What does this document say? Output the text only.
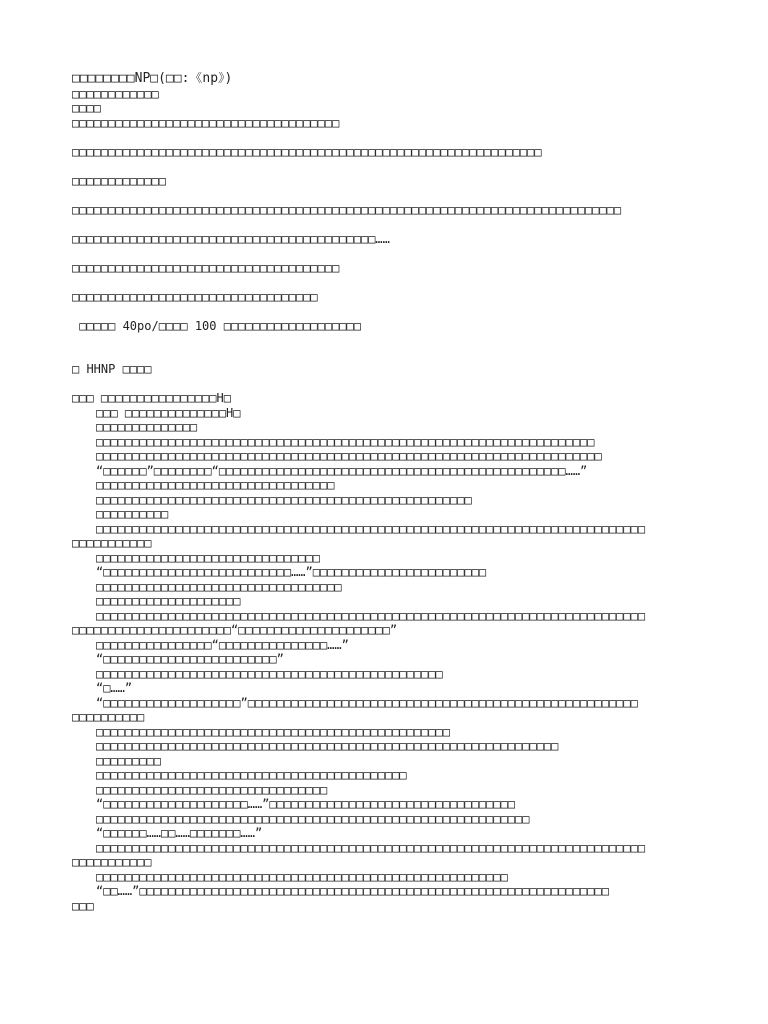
□□□□□□□□NP□(□□:《np》)
□□□□□□□□□□□□
□□□□
□□□□□□□□□□□□□□□□□□□□□□□□□□□□□□□□□□□□□
□□□□□□□□□□□□□□□□□□□□□□□□□□□□□□□□□□□□□□□□□□□□□□□□□□□□□□□□□□□□□□□□□
□□□□□□□□□□□□□
□□□□□□□□□□□□□□□□□□□□□□□□□□□□□□□□□□□□□□□□□□□□□□□□□□□□□□□□□□□□□□□□□□□□□□□□□□□□
□□□□□□□□□□□□□□□□□□□□□□□□□□□□□□□□□□□□□□□□□□……
□□□□□□□□□□□□□□□□□□□□□□□□□□□□□□□□□□□□□
□□□□□□□□□□□□□□□□□□□□□□□□□□□□□□□□□□
□□□□□ 40po/□□□□ 100 □□□□□□□□□□□□□□□□□□□
□ HHNP □□□□
□□□ □□□□□□□□□□□□□□□□H□
□□□ □□□□□□□□□□□□□□H□
□□□□□□□□□□□□□□
□□□□□□□□□□□□□□□□□□□□□□□□□□□□□□□□□□□□□□□□□□□□□□□□□□□□□□□□□□□□□□□□□□□□□
□□□□□□□□□□□□□□□□□□□□□□□□□□□□□□□□□□□□□□□□□□□□□□□□□□□□□□□□□□□□□□□□□□□□□□
“□□□□□□”□□□□□□□□“□□□□□□□□□□□□□□□□□□□□□□□□□□□□□□□□□□□□□□□□□□□□□□□□……”
□□□□□□□□□□□□□□□□□□□□□□□□□□□□□□□□□
□□□□□□□□□□□□□□□□□□□□□□□□□□□□□□□□□□□□□□□□□□□□□□□□□□□□
□□□□□□□□□□
□□□□□□□□□□□□□□□□□□□□□□□□□□□□□□□□□□□□□□□□□□□□□□□□□□□□□□□□□□□□□□□□□□□□□□□□□□□□
□□□□□□□□□□□
□□□□□□□□□□□□□□□□□□□□□□□□□□□□□□□
“□□□□□□□□□□□□□□□□□□□□□□□□□□……”□□□□□□□□□□□□□□□□□□□□□□□□
□□□□□□□□□□□□□□□□□□□□□□□□□□□□□□□□□□
□□□□□□□□□□□□□□□□□□□□
□□□□□□□□□□□□□□□□□□□□□□□□□□□□□□□□□□□□□□□□□□□□□□□□□□□□□□□□□□□□□□□□□□□□□□□□□□□□
□□□□□□□□□□□□□□□□□□□□□□“□□□□□□□□□□□□□□□□□□□□□”
□□□□□□□□□□□□□□□□“□□□□□□□□□□□□□□□……”
“□□□□□□□□□□□□□□□□□□□□□□□□”
□□□□□□□□□□□□□□□□□□□□□□□□□□□□□□□□□□□□□□□□□□□□□□□□
“□……”
“□□□□□□□□□□□□□□□□□□□”□□□□□□□□□□□□□□□□□□□□□□□□□□□□□□□□□□□□□□□□□□□□□□□□□□□□□□
□□□□□□□□□□
□□□□□□□□□□□□□□□□□□□□□□□□□□□□□□□□□□□□□□□□□□□□□□□□□
□□□□□□□□□□□□□□□□□□□□□□□□□□□□□□□□□□□□□□□□□□□□□□□□□□□□□□□□□□□□□□□□
□□□□□□□□□
□□□□□□□□□□□□□□□□□□□□□□□□□□□□□□□□□□□□□□□□□□□
□□□□□□□□□□□□□□□□□□□□□□□□□□□□□□□□
“□□□□□□□□□□□□□□□□□□□□……”□□□□□□□□□□□□□□□□□□□□□□□□□□□□□□□□□□
□□□□□□□□□□□□□□□□□□□□□□□□□□□□□□□□□□□□□□□□□□□□□□□□□□□□□□□□□□□□
“□□□□□□……□□……□□□□□□□……”
□□□□□□□□□□□□□□□□□□□□□□□□□□□□□□□□□□□□□□□□□□□□□□□□□□□□□□□□□□□□□□□□□□□□□□□□□□□□
□□□□□□□□□□□
□□□□□□□□□□□□□□□□□□□□□□□□□□□□□□□□□□□□□□□□□□□□□□□□□□□□□□□□□
“□□……”□□□□□□□□□□□□□□□□□□□□□□□□□□□□□□□□□□□□□□□□□□□□□□□□□□□□□□□□□□□□□□□□□
□□□
